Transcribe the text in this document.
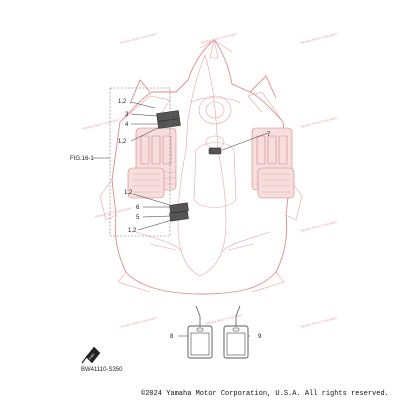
Yamaha Motor Corporation	Yamaha Motor Corporation	Yamaha Motor Corporation
Yamaha Motor Corporation	Yamaha Motor Corporation
Yamaha Motor Corporation
Yamaha Motor Corporation
Yamaha Motor Corporation	Yamaha Motor Corporation	Yamaha Motor Corporation
1,2
3
4
1,2
7
FIG.16-1
1,2
6
5
1,2
8	9
FWD
BW41110-S350
©2024 Yamaha Motor Corporation, U.S.A. All rights reserved.
